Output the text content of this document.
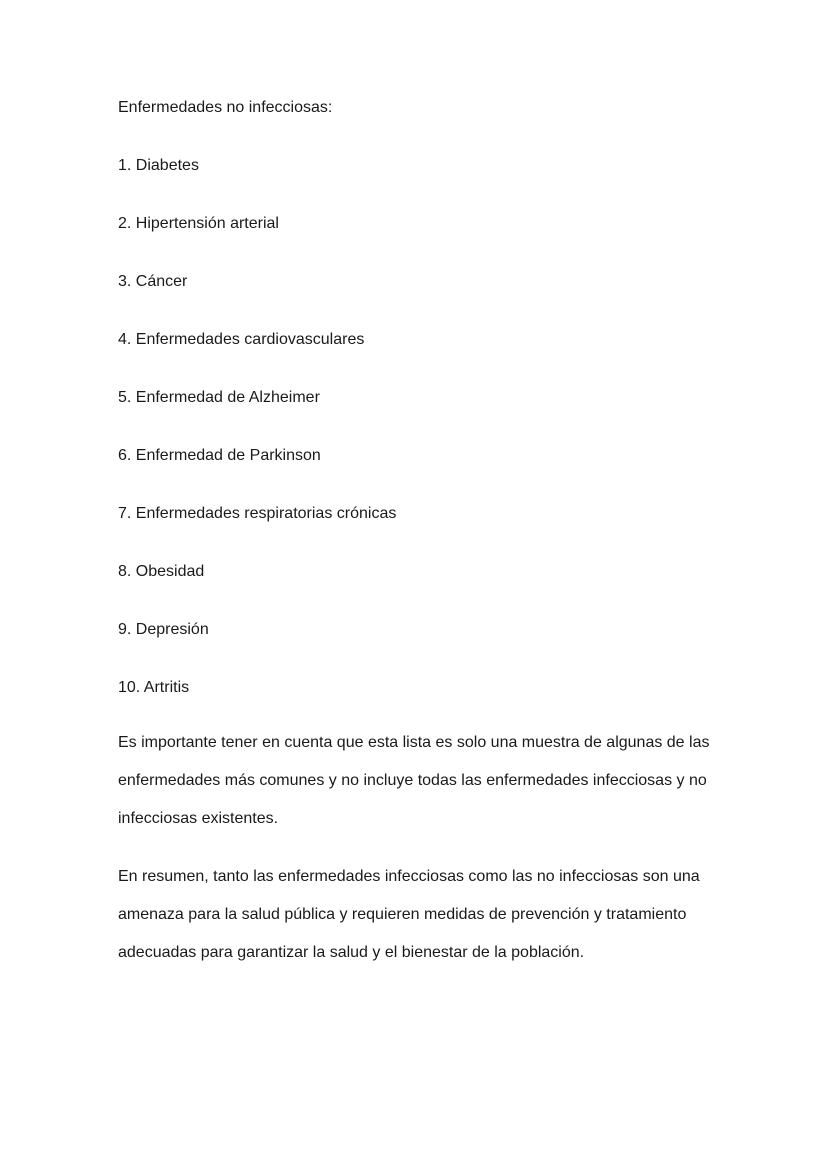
Enfermedades no infecciosas:

1. Diabetes
2. Hipertensión arterial
3. Cáncer
4. Enfermedades cardiovasculares
5. Enfermedad de Alzheimer
6. Enfermedad de Parkinson
7. Enfermedades respiratorias crónicas
8. Obesidad
9. Depresión
10. Artritis

Es importante tener en cuenta que esta lista es solo una muestra de algunas de las enfermedades más comunes y no incluye todas las enfermedades infecciosas y no infecciosas existentes.

En resumen, tanto las enfermedades infecciosas como las no infecciosas son una amenaza para la salud pública y requieren medidas de prevención y tratamiento adecuadas para garantizar la salud y el bienestar de la población.
